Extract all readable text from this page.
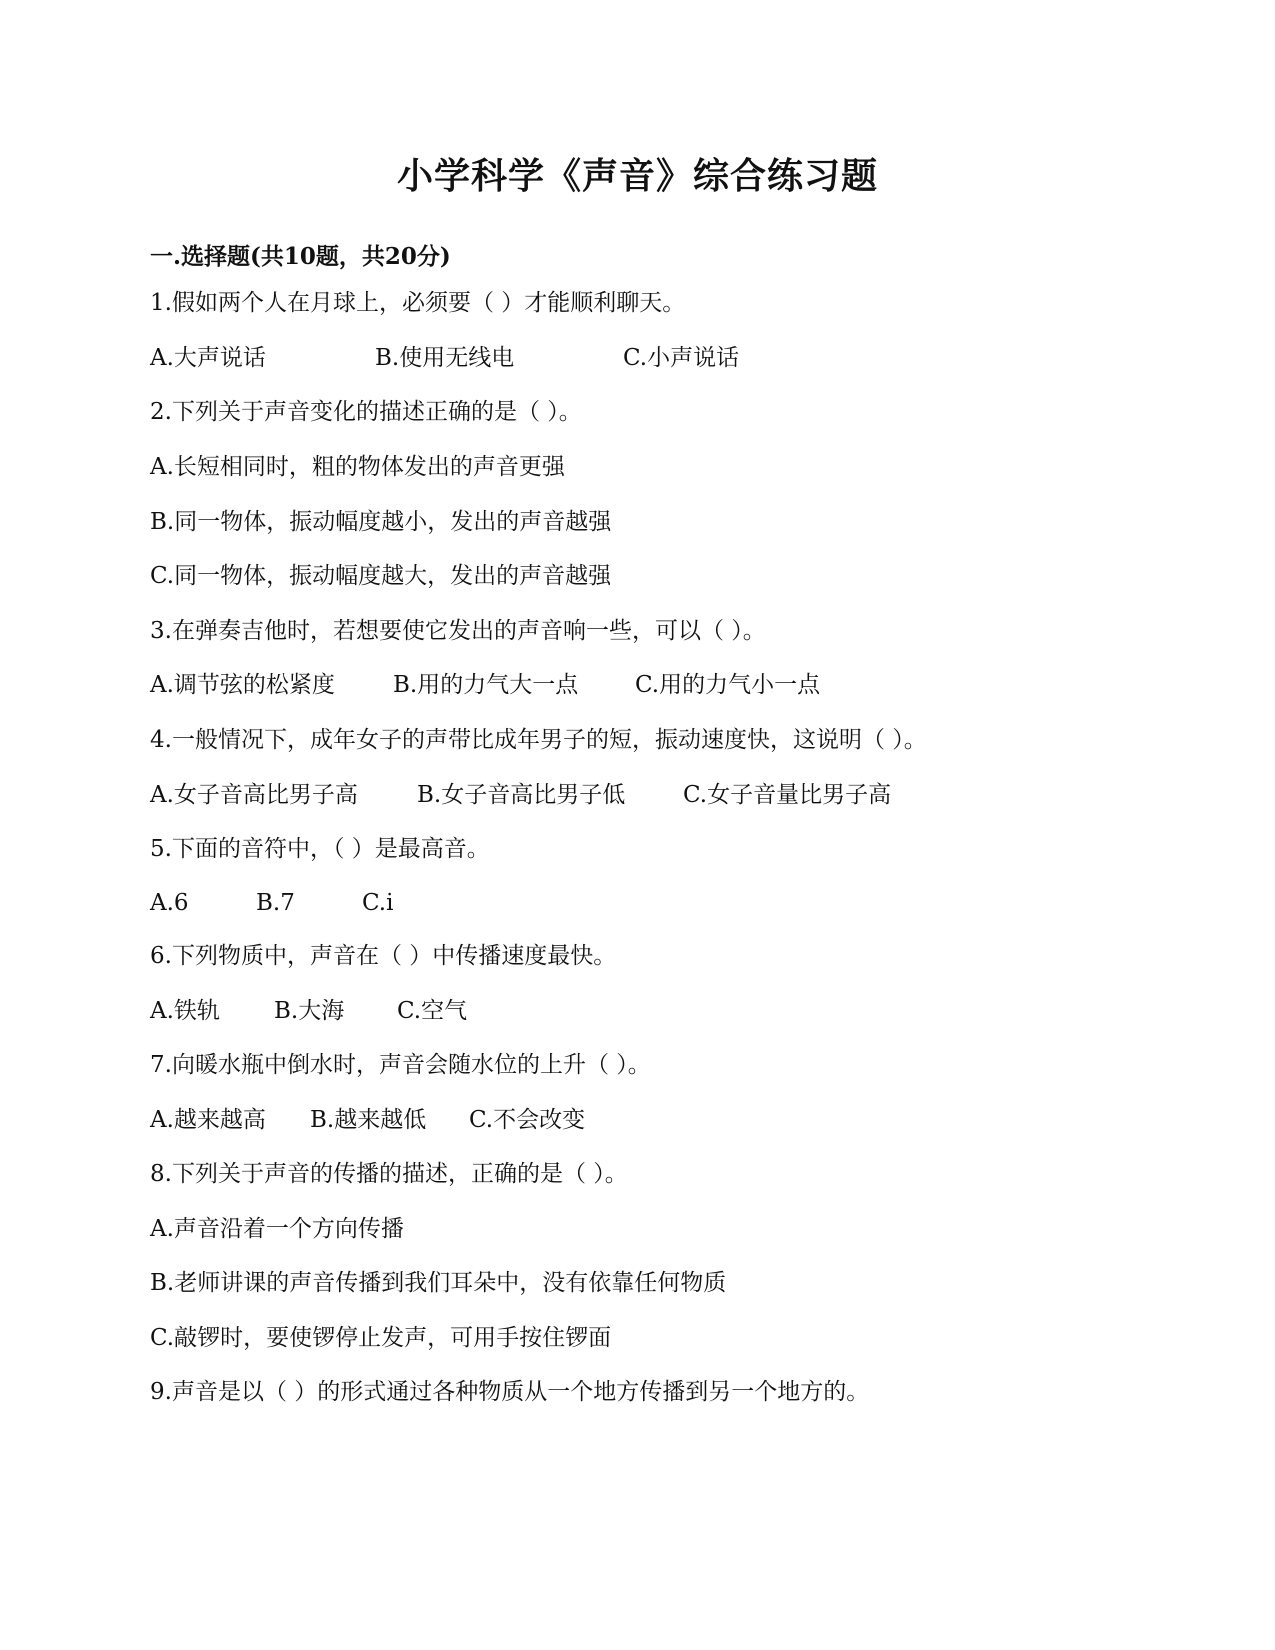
小学科学《声音》综合练习题
一.选择题(共10题，共20分)
1.假如两个人在月球上，必须要（ ）才能顺利聊天。
A.大声说话	B.使用无线电	C.小声说话
2.下列关于声音变化的描述正确的是（ ）。
A.长短相同时，粗的物体发出的声音更强
B.同一物体，振动幅度越小，发出的声音越强
C.同一物体，振动幅度越大，发出的声音越强
3.在弹奏吉他时，若想要使它发出的声音响一些，可以（ ）。
A.调节弦的松紧度	B.用的力气大一点 C.用的力气小一点
4.一般情况下，成年女子的声带比成年男子的短，振动速度快，这说明（ ）。
A.女子音高比男子高	B.女子音高比男子低	C.女子音量比男子高
5.下面的音符中，（ ）是最高音。
A.6	B.7	C.i
6.下列物质中，声音在（ ）中传播速度最快。
A.铁轨 B.大海 C.空气
7.向暖水瓶中倒水时，声音会随水位的上升（ ）。
A.越来越高 B.越来越低 C.不会改变
8.下列关于声音的传播的描述，正确的是（ ）。
A.声音沿着一个方向传播
B.老师讲课的声音传播到我们耳朵中，没有依靠任何物质
C.敲锣时，要使锣停止发声，可用手按住锣面
9.声音是以（ ）的形式通过各种物质从一个地方传播到另一个地方的。
